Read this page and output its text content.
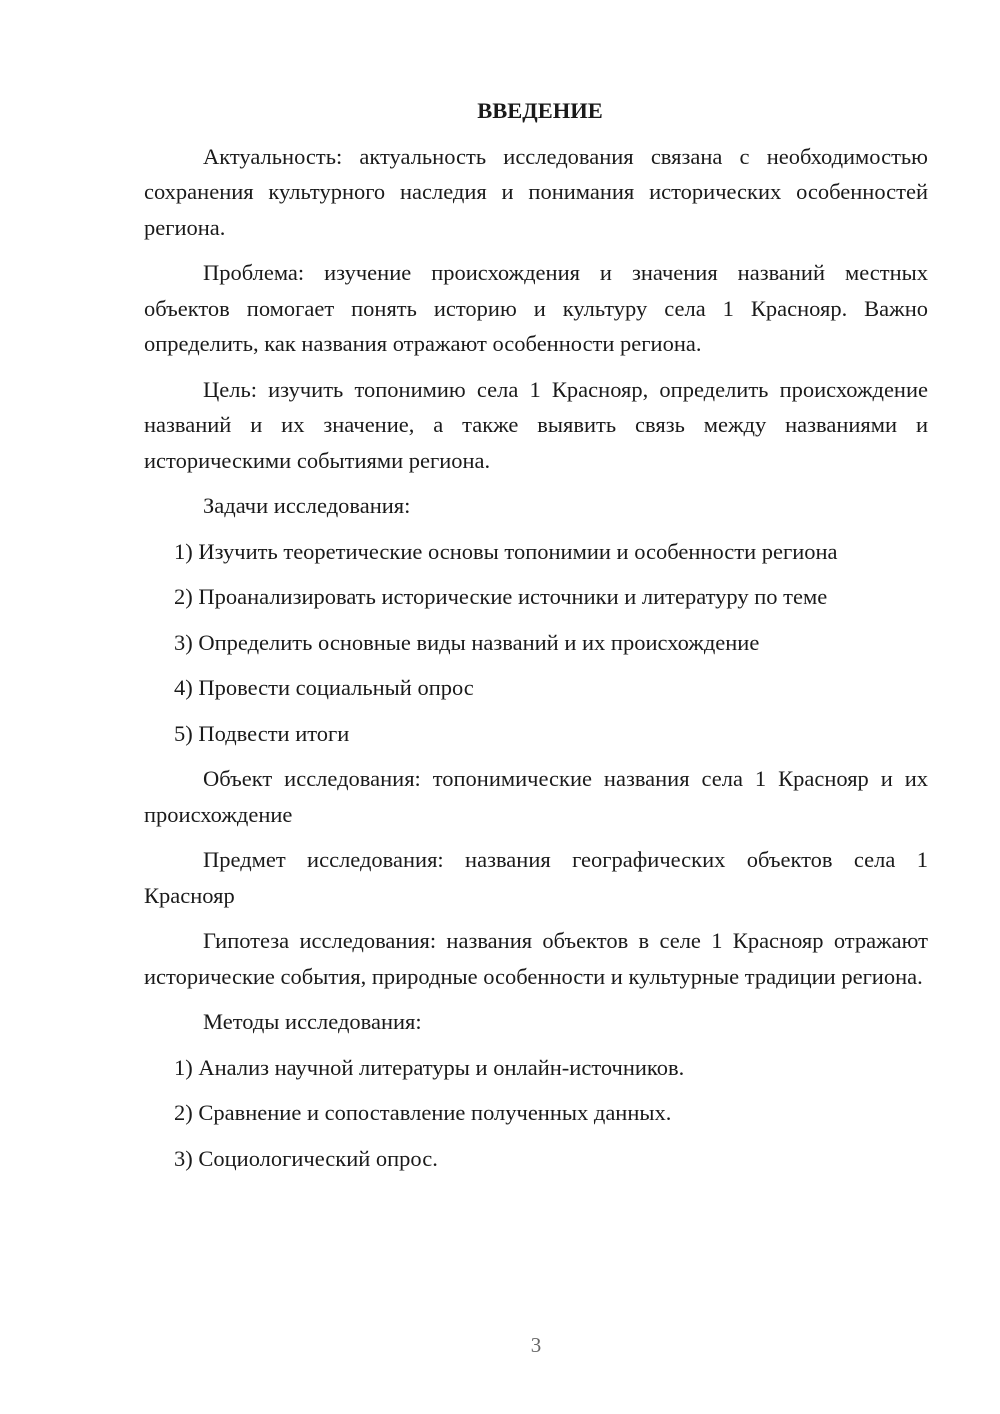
ВВЕДЕНИЕ

Актуальность: актуальность исследования связана с необходимостью сохранения культурного наследия и понимания исторических особенностей региона.

Проблема: изучение происхождения и значения названий местных объектов помогает понять историю и культуру села 1 Краснояр. Важно определить, как названия отражают особенности региона.

Цель: изучить топонимию села 1 Краснояр, определить происхождение названий и их значение, а также выявить связь между названиями и историческими событиями региона.

Задачи исследования:

1) Изучить теоретические основы топонимии и особенности региона
2) Проанализировать исторические источники и литературу по теме
3) Определить основные виды названий и их происхождение
4) Провести социальный опрос
5) Подвести итоги

Объект исследования: топонимические названия села 1 Краснояр и их происхождение

Предмет исследования: названия географических объектов села 1 Краснояр

Гипотеза исследования: названия объектов в селе 1 Краснояр отражают исторические события, природные особенности и культурные традиции региона.

Методы исследования:

1) Анализ научной литературы и онлайн-источников.
2) Сравнение и сопоставление полученных данных.
3) Социологический опрос.
3
